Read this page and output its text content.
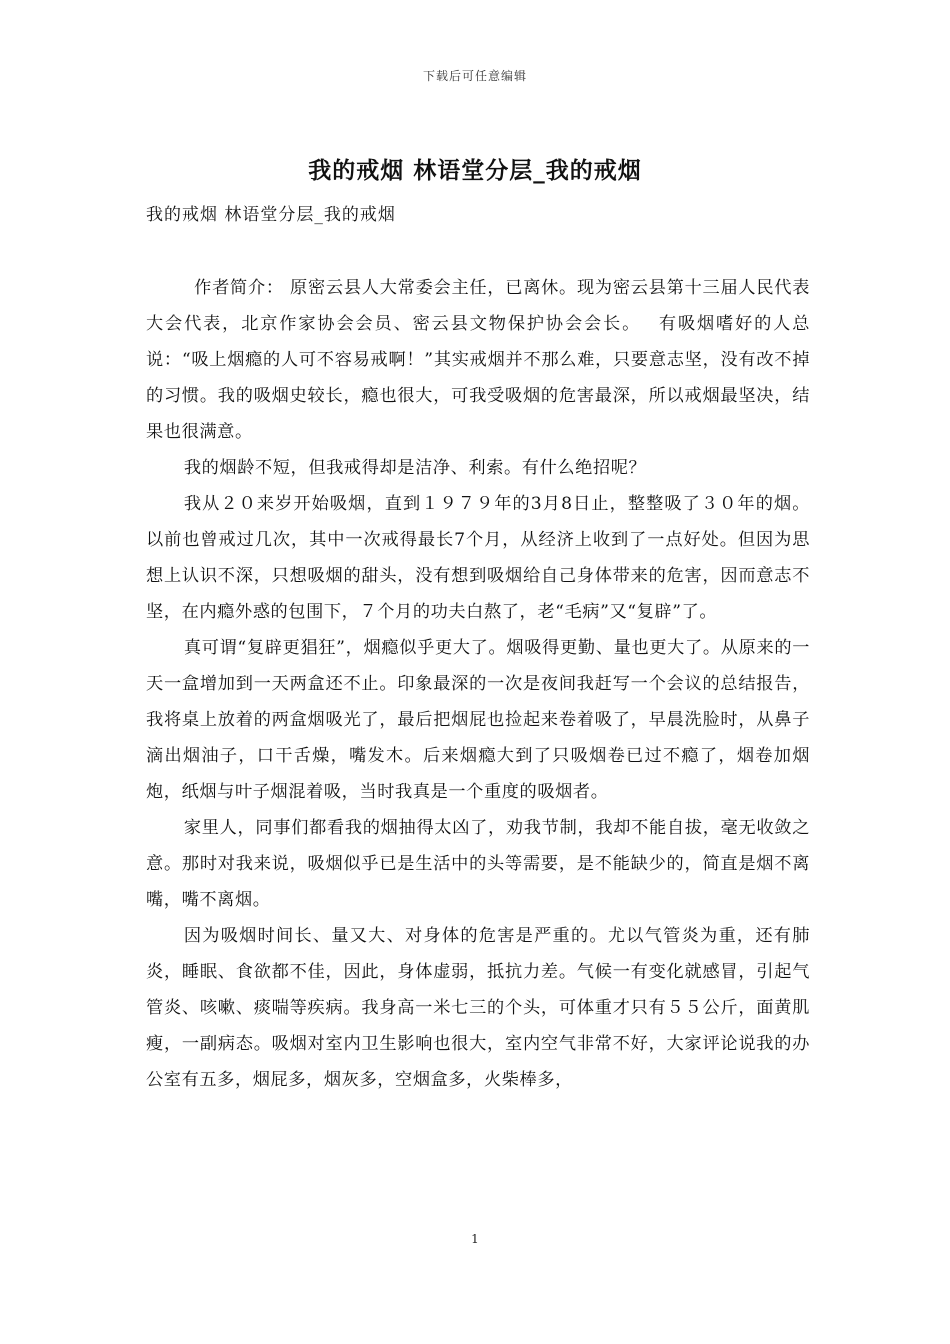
下载后可任意编辑
我的戒烟 林语堂分层_我的戒烟
我的戒烟 林语堂分层_我的戒烟

作者简介： 原密云县人大常委会主任，已离休。现为密云县第十三届人民代表大会代表，北京作家协会会员、密云县文物保护协会会长。　 有吸烟嗜好的人总说：“吸上烟瘾的人可不容易戒啊！”其实戒烟并不那么难，只要意志坚，没有改不掉的习惯。我的吸烟史较长，瘾也很大，可我受吸烟的危害最深，所以戒烟最坚决，结果也很满意。

我的烟龄不短，但我戒得却是洁净、利索。有什么绝招呢？

我从２０来岁开始吸烟，直到１９７９年的3月8日止，整整吸了３０年的烟。以前也曾戒过几次，其中一次戒得最长7个月，从经济上收到了一点好处。但因为思想上认识不深，只想吸烟的甜头，没有想到吸烟给自己身体带来的危害，因而意志不坚，在内瘾外惑的包围下，７个月的功夫白熬了，老“毛病”又“复辟”了。

真可谓“复辟更猖狂”，烟瘾似乎更大了。烟吸得更勤、量也更大了。从原来的一天一盒增加到一天两盒还不止。印象最深的一次是夜间我赶写一个会议的总结报告，我将桌上放着的两盒烟吸光了，最后把烟屁也捡起来卷着吸了，早晨洗脸时，从鼻子滴出烟油子，口干舌燥，嘴发木。后来烟瘾大到了只吸烟卷已过不瘾了，烟卷加烟炮，纸烟与叶子烟混着吸，当时我真是一个重度的吸烟者。

家里人，同事们都看我的烟抽得太凶了，劝我节制，我却不能自拔，毫无收敛之意。那时对我来说，吸烟似乎已是生活中的头等需要，是不能缺少的，简直是烟不离嘴，嘴不离烟。

因为吸烟时间长、量又大、对身体的危害是严重的。尤以气管炎为重，还有肺炎，睡眠、食欲都不佳，因此，身体虚弱，抵抗力差。气候一有变化就感冒，引起气管炎、咳嗽、痰喘等疾病。我身高一米七三的个头，可体重才只有５５公斤，面黄肌瘦，一副病态。吸烟对室内卫生影响也很大，室内空气非常不好，大家评论说我的办公室有五多，烟屁多，烟灰多，空烟盒多，火柴棒多，

1
